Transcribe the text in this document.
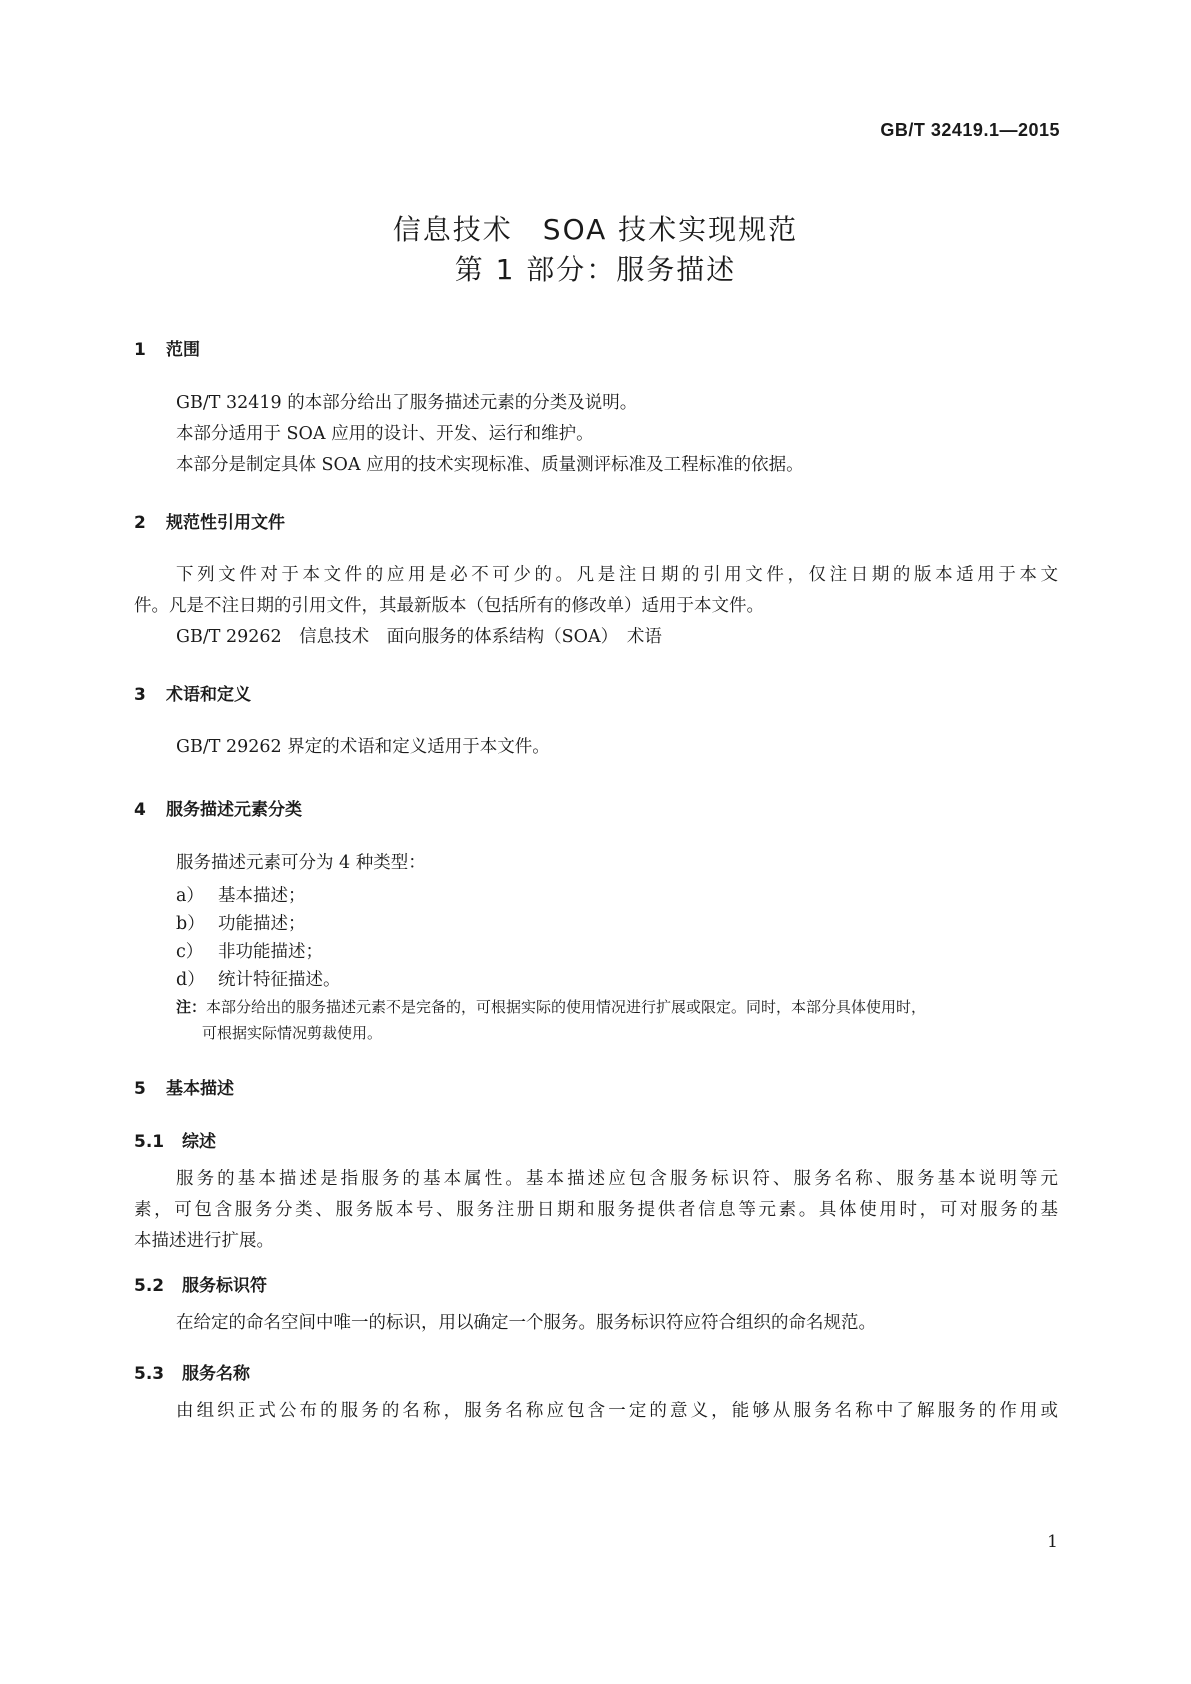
GB/T 32419.1—2015
信息技术　SOA 技术实现规范
第 1 部分：服务描述
1 范围
GB/T 32419 的本部分给出了服务描述元素的分类及说明。
本部分适用于 SOA 应用的设计、开发、运行和维护。
本部分是制定具体 SOA 应用的技术实现标准、质量测评标准及工程标准的依据。
2 规范性引用文件
下列文件对于本文件的应用是必不可少的。凡是注日期的引用文件，仅注日期的版本适用于本文
件。凡是不注日期的引用文件，其最新版本（包括所有的修改单）适用于本文件。
GB/T 29262　信息技术　面向服务的体系结构（SOA）　术语
3 术语和定义
GB/T 29262 界定的术语和定义适用于本文件。
4 服务描述元素分类
服务描述元素可分为 4 种类型：
a） 基本描述；
b） 功能描述；
c） 非功能描述；
d） 统计特征描述。
注：本部分给出的服务描述元素不是完备的，可根据实际的使用情况进行扩展或限定。同时，本部分具体使用时，
可根据实际情况剪裁使用。
5 基本描述
5.1 综述
服务的基本描述是指服务的基本属性。基本描述应包含服务标识符、服务名称、服务基本说明等元
素，可包含服务分类、服务版本号、服务注册日期和服务提供者信息等元素。具体使用时，可对服务的基
本描述进行扩展。
5.2 服务标识符
在给定的命名空间中唯一的标识，用以确定一个服务。服务标识符应符合组织的命名规范。
5.3 服务名称
由组织正式公布的服务的名称，服务名称应包含一定的意义，能够从服务名称中了解服务的作用或
1
